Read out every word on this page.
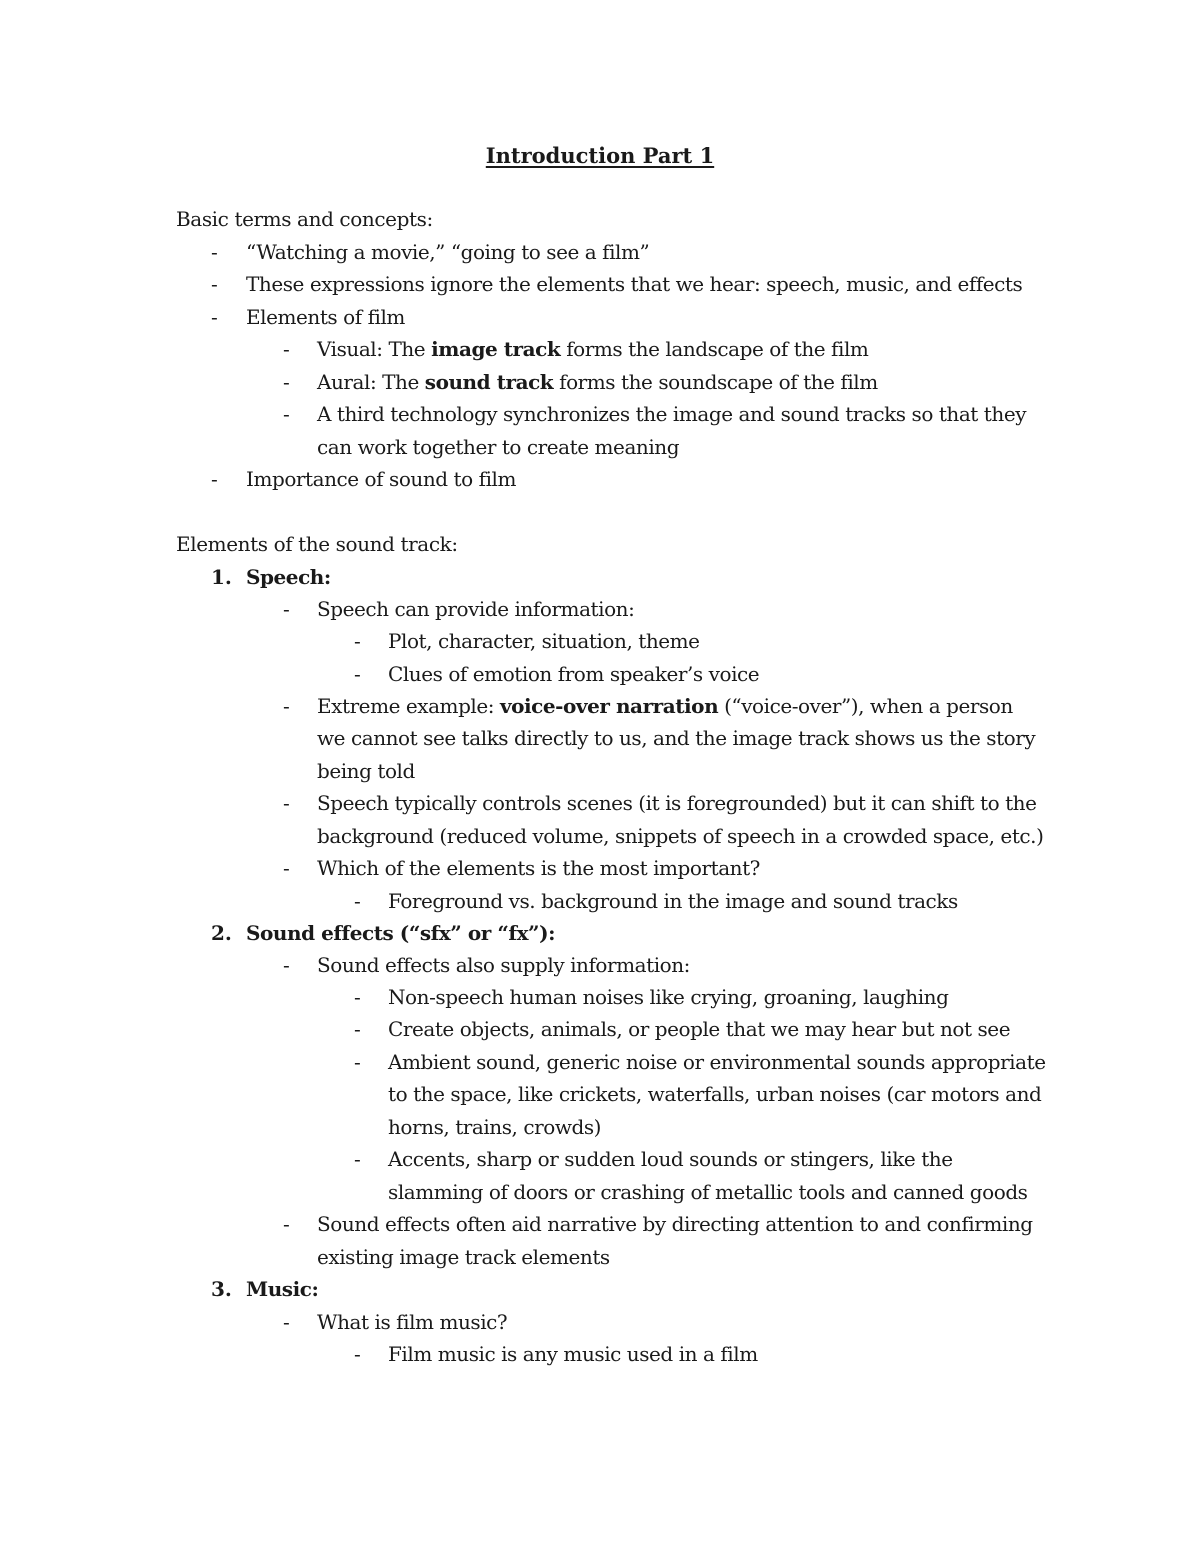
Introduction Part 1
Basic terms and concepts:
- “Watching a movie,” “going to see a film”
- These expressions ignore the elements that we hear: speech, music, and effects
- Elements of film
- Visual: The image track forms the landscape of the film
- Aural: The sound track forms the soundscape of the film
- A third technology synchronizes the image and sound tracks so that they
can work together to create meaning
- Importance of sound to film
Elements of the sound track:
1. Speech:
- Speech can provide information:
- Plot, character, situation, theme
- Clues of emotion from speaker’s voice
- Extreme example: voice-over narration (“voice-over”), when a person
we cannot see talks directly to us, and the image track shows us the story
being told
- Speech typically controls scenes (it is foregrounded) but it can shift to the
background (reduced volume, snippets of speech in a crowded space, etc.)
- Which of the elements is the most important?
- Foreground vs. background in the image and sound tracks
2. Sound effects (“sfx” or “fx”):
- Sound effects also supply information:
- Non-speech human noises like crying, groaning, laughing
- Create objects, animals, or people that we may hear but not see
- Ambient sound, generic noise or environmental sounds appropriate
to the space, like crickets, waterfalls, urban noises (car motors and
horns, trains, crowds)
- Accents, sharp or sudden loud sounds or stingers, like the
slamming of doors or crashing of metallic tools and canned goods
- Sound effects often aid narrative by directing attention to and confirming
existing image track elements
3. Music:
- What is film music?
- Film music is any music used in a film
